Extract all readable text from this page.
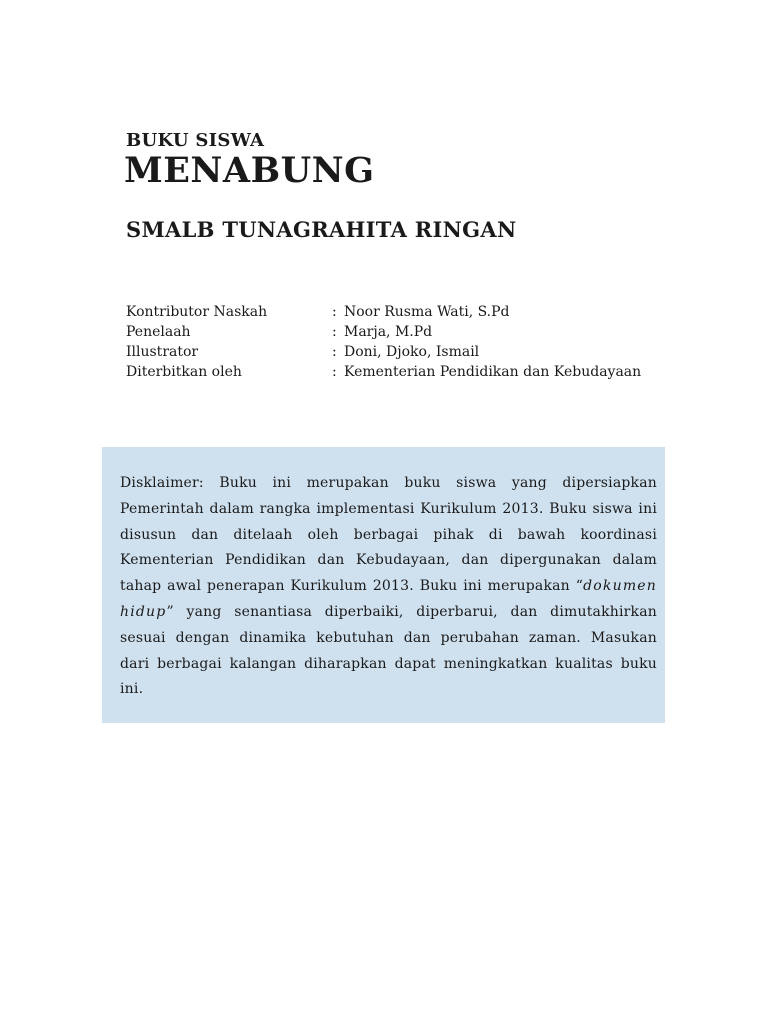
BUKU SISWA
MENABUNG
SMALB TUNAGRAHITA RINGAN
Kontributor Naskah	: Noor Rusma Wati, S.Pd
Penelaah	: Marja, M.Pd
Illustrator	: Doni, Djoko, Ismail
Diterbitkan oleh	: Kementerian Pendidikan dan Kebudayaan

Disklaimer: Buku ini merupakan buku siswa yang dipersiapkan Pemerintah dalam rangka implementasi Kurikulum 2013. Buku siswa ini disusun dan ditelaah oleh berbagai pihak di bawah koordinasi Kementerian Pendidikan dan Kebudayaan, dan dipergunakan dalam tahap awal penerapan Kurikulum 2013. Buku ini merupakan “dokumen hidup” yang senantiasa diperbaiki, diperbarui, dan dimutakhirkan sesuai dengan dinamika kebutuhan dan perubahan zaman. Masukan dari berbagai kalangan diharapkan dapat meningkatkan kualitas buku ini.
